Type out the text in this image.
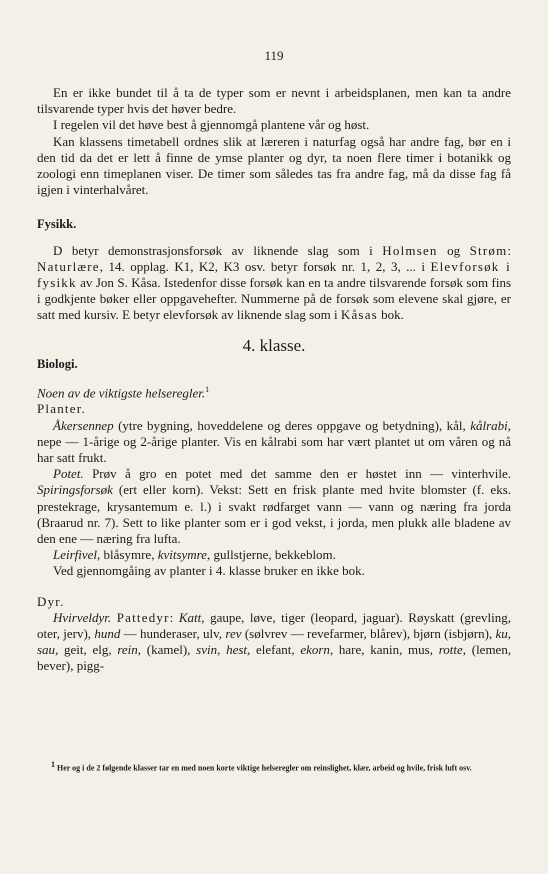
119

En er ikke bundet til å ta de typer som er nevnt i arbeidsplanen, men kan ta andre tilsvarende typer hvis det høver bedre.

I regelen vil det høve best å gjennomgå plantene vår og høst.

Kan klassens timetabell ordnes slik at læreren i naturfag også har andre fag, bør en i den tid da det er lett å finne de ymse planter og dyr, ta noen flere timer i botanikk og zoologi enn timeplanen viser. De timer som således tas fra andre fag, må da disse fag få igjen i vinterhalvåret.

Fysikk.

D betyr demonstrasjonsforsøk av liknende slag som i Holmsen og Strøm: Naturlære, 14. opplag. K1, K2, K3 osv. betyr forsøk nr. 1, 2, 3, ... i Elevforsøk i fysikk av Jon S. Kåsa. Istedenfor disse forsøk kan en ta andre tilsvarende forsøk som fins i godkjente bøker eller oppgavehefter. Nummerne på de forsøk som elevene skal gjøre, er satt med kursiv. E betyr elevforsøk av liknende slag som i Kåsas bok.

4. klasse.

Biologi.

Noen av de viktigste helseregler.$^1$

Planter.

Åkersennep (ytre bygning, hoveddelene og deres oppgave og betydning), kål, kålrabi, nepe — 1-årige og 2-årige planter. Vis en kålrabi som har vært plantet ut om våren og nå har satt frukt.

Potet. Prøv å gro en potet med det samme den er høstet inn — vinterhvile. Spiringsforsøk (ert eller korn). Vekst: Sett en frisk plante med hvite blomster (f. eks. prestekrage, krysantemum e. l.) i svakt rødfarget vann — vann og næring fra jorda (Braarud nr. 7). Sett to like planter som er i god vekst, i jorda, men plukk alle bladene av den ene — næring fra lufta.

Leirfivel, blåsymre, kvitsymre, gullstjerne, bekkeblom.

Ved gjennomgåing av planter i 4. klasse bruker en ikke bok.

Dyr.

Hvirveldyr. Pattedyr: Katt, gaupe, løve, tiger (leopard, jaguar). Røyskatt (grevling, oter, jerv), hund — hunderaser, ulv, rev (sølvrev — revefarmer, blårev), bjørn (isbjørn), ku, sau, geit, elg, rein, (kamel), svin, hest, elefant, ekorn, hare, kanin, mus, rotte, (lemen, bever), pigg-

$^1$ Her og i de 2 følgende klasser tar en med noen korte viktige helseregler om reinslighet, klær, arbeid og hvile, frisk luft osv.
